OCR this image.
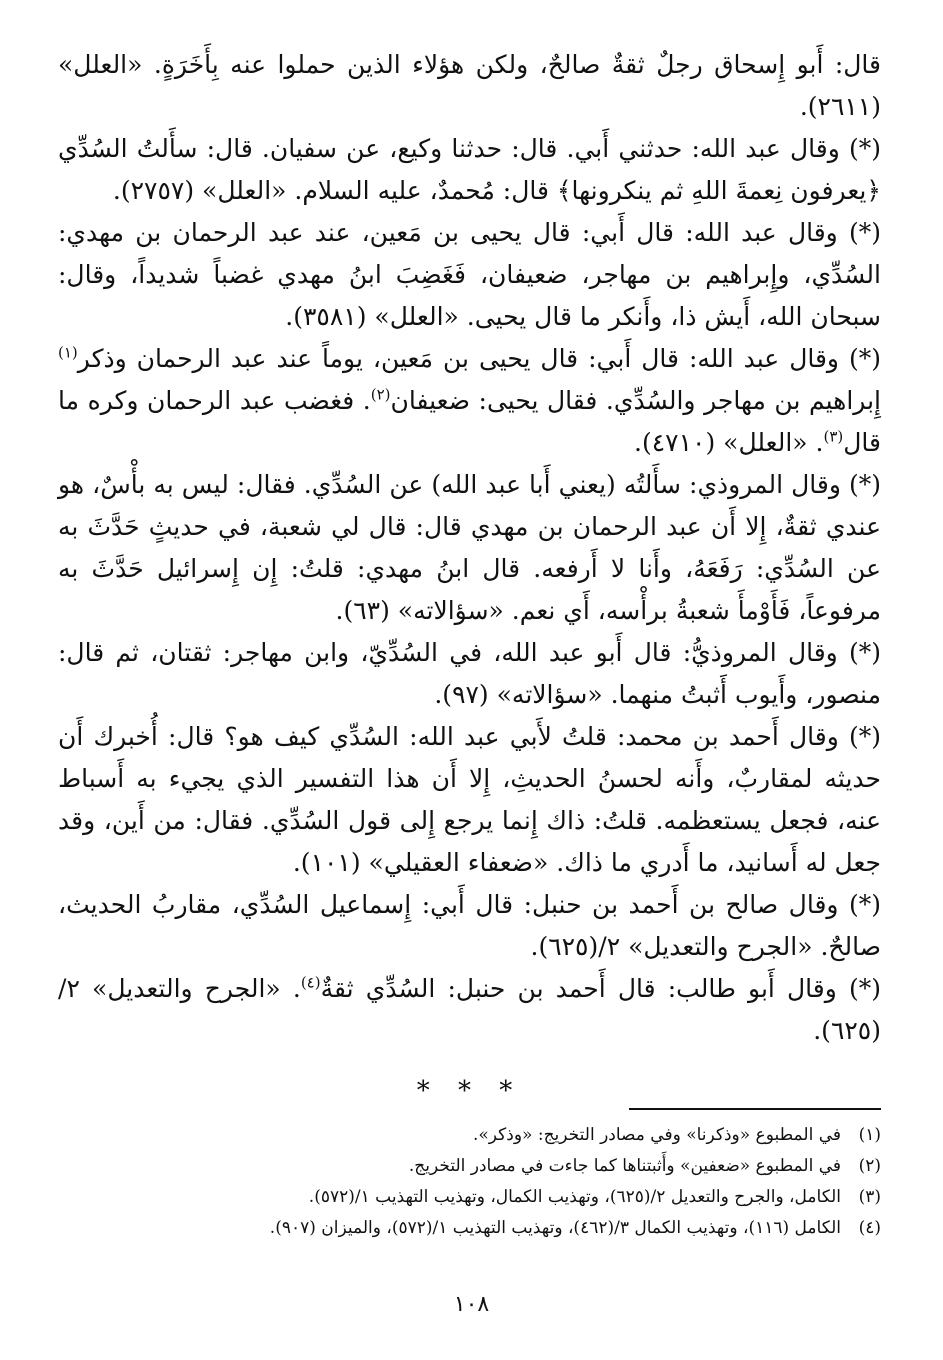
قال: أَبو إِسحاق رجلٌ ثقةٌ صالحٌ، ولكن هؤلاء الذين حملوا عنه بِأَخَرَةٍ. «العلل» (٢٦١١).

(*) وقال عبد الله: حدثني أَبي. قال: حدثنا وكيع، عن سفيان. قال: سأَلتُ السُدِّي ﴿يعرفون نِعمةَ اللهِ ثم ينكرونها﴾ قال: مُحمدٌ، عليه السلام. «العلل» (٢٧٥٧).

(*) وقال عبد الله: قال أَبي: قال يحيى بن مَعين، عند عبد الرحمان بن مهدي: السُدِّي، وإِبراهيم بن مهاجر، ضعيفان، فَغَضِبَ ابنُ مهدي غضباً شديداً، وقال: سبحان الله، أَيش ذا، وأَنكر ما قال يحيى. «العلل» (٣٥٨١).

(*) وقال عبد الله: قال أَبي: قال يحيى بن مَعين، يوماً عند عبد الرحمان وذكر$^{(١)}$ إِبراهيم بن مهاجر والسُدِّي. فقال يحيى: ضعيفان$^{(٢)}$. فغضب عبد الرحمان وكره ما قال$^{(٣)}$. «العلل» (٤٧١٠).

(*) وقال المروذي: سأَلتُه (يعني أَبا عبد الله) عن السُدِّي. فقال: ليس به بأْسٌ، هو عندي ثقةٌ، إِلا أَن عبد الرحمان بن مهدي قال: قال لي شعبة، في حديثٍ حَدَّثَ به عن السُدِّي: رَفَعَهُ، وأَنا لا أَرفعه. قال ابنُ مهدي: قلتُ: إِن إِسرائيل حَدَّثَ به مرفوعاً، فَأَوْمأَ شعبةُ برأْسه، أَي نعم. «سؤالاته» (٦٣).

(*) وقال المروذيُّ: قال أَبو عبد الله، في السُدِّيّ، وابن مهاجر: ثقتان، ثم قال: منصور، وأَيوب أَثبتُ منهما. «سؤالاته» (٩٧).

(*) وقال أَحمد بن محمد: قلتُ لأَبي عبد الله: السُدِّي كيف هو؟ قال: أُخبرك أَن حديثه لمقاربٌ، وأَنه لحسنُ الحديثِ، إِلا أَن هذا التفسير الذي يجيء به أَسباط عنه، فجعل يستعظمه. قلتُ: ذاك إِنما يرجع إِلى قول السُدِّي. فقال: من أَين، وقد جعل له أَسانيد، ما أَدري ما ذاك. «ضعفاء العقيلي» (١٠١).

(*) وقال صالح بن أَحمد بن حنبل: قال أَبي: إِسماعيل السُدِّي، مقاربُ الحديث، صالحٌ. «الجرح والتعديل» ٢/(٦٢٥).

(*) وقال أَبو طالب: قال أَحمد بن حنبل: السُدِّي ثقةٌ$^{(٤)}$. «الجرح والتعديل» ٢/ (٦٢٥).

* * *
(١)
في المطبوع «وذكرنا» وفي مصادر التخريج: «وذكر».
(٢)
في المطبوع «ضعفين» وأَثبتناها كما جاءت في مصادر التخريج.
(٣)
الكامل، والجرح والتعديل ٢/(٦٢٥)، وتهذيب الكمال، وتهذيب التهذيب ١/(٥٧٢).
(٤)
الكامل (١١٦)، وتهذيب الكمال ٣/(٤٦٢)، وتهذيب التهذيب ١/(٥٧٢)، والميزان (٩٠٧).
١٠٨
